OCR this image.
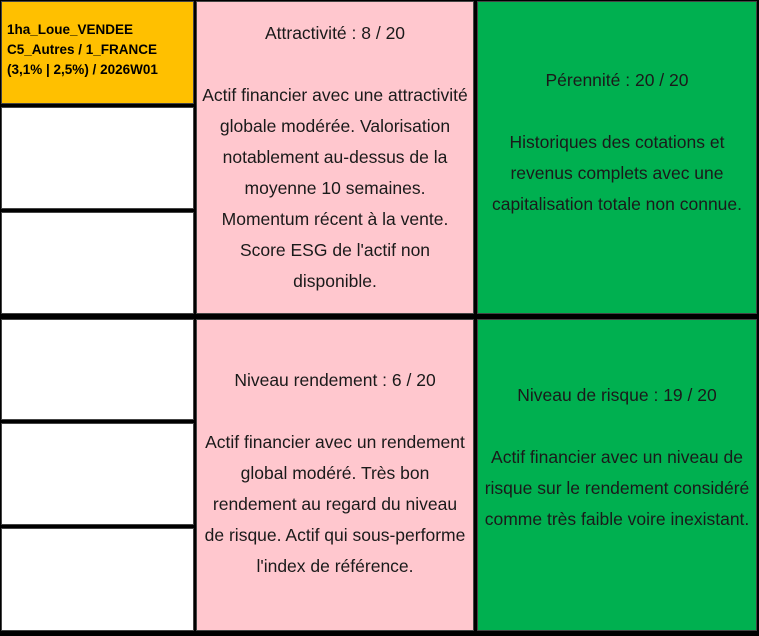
1ha_Loue_VENDEE
C5_Autres / 1_FRANCE
(3,1% | 2,5%) / 2026W01
Attractivité : 8 / 20
Actif financier avec une attractivité globale modérée. Valorisation notablement au-dessus de la moyenne 10 semaines. Momentum récent à la vente. Score ESG de l'actif non disponible.
Pérennité : 20 / 20
Historiques des cotations et revenus complets avec une capitalisation totale non connue.
Niveau rendement : 6 / 20
Actif financier avec un rendement global modéré. Très bon rendement au regard du niveau de risque. Actif qui sous-performe l'index de référence.
Niveau de risque : 19 / 20
Actif financier avec un niveau de risque sur le rendement considéré comme très faible voire inexistant.
